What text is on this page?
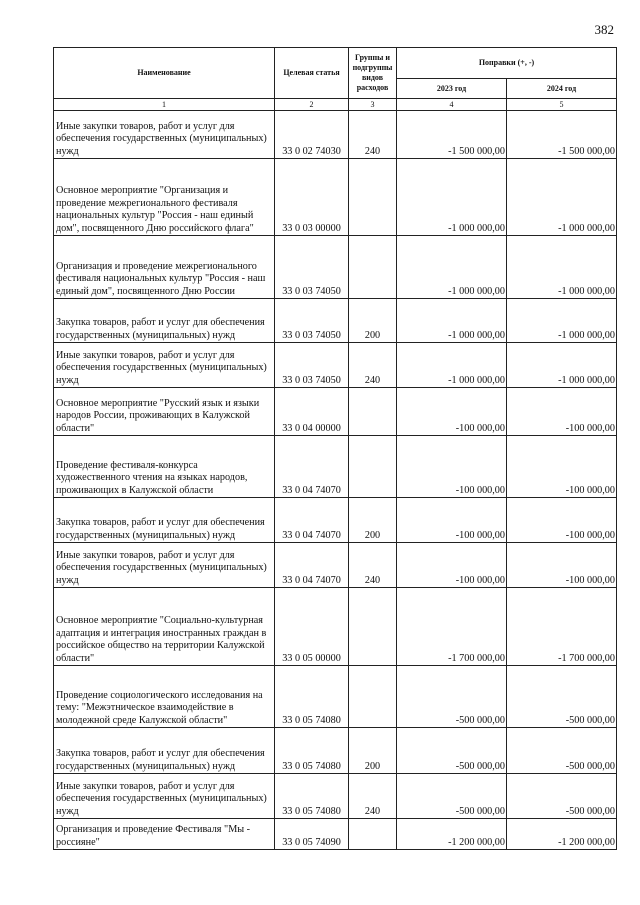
382
Наименование	Целевая статья	Группы и подгруппы видов расходов	Поправки (+, -)	
			2023 год	2024 год
1	2	3	4	5
Иные закупки товаров, работ и услуг для обеспечения государственных (муниципальных) нужд	33 0 02 74030	240	-1 500 000,00	-1 500 000,00
Основное мероприятие "Организация и проведение межрегионального фестиваля национальных культур "Россия - наш единый дом", посвященного Дню российского флага"	33 0 03 00000		-1 000 000,00	-1 000 000,00
Организация и проведение межрегионального фестиваля национальных культур "Россия - наш единый дом", посвященного Дню России	33 0 03 74050		-1 000 000,00	-1 000 000,00
Закупка товаров, работ и услуг для обеспечения государственных (муниципальных) нужд	33 0 03 74050	200	-1 000 000,00	-1 000 000,00
Иные закупки товаров, работ и услуг для обеспечения государственных (муниципальных) нужд	33 0 03 74050	240	-1 000 000,00	-1 000 000,00
Основное мероприятие "Русский язык и языки народов России, проживающих в Калужской области"	33 0 04 00000		-100 000,00	-100 000,00
Проведение фестиваля-конкурса художественного чтения на языках народов, проживающих в Калужской области	33 0 04 74070		-100 000,00	-100 000,00
Закупка товаров, работ и услуг для обеспечения государственных (муниципальных) нужд	33 0 04 74070	200	-100 000,00	-100 000,00
Иные закупки товаров, работ и услуг для обеспечения государственных (муниципальных) нужд	33 0 04 74070	240	-100 000,00	-100 000,00
Основное мероприятие "Социально-культурная адаптация и интеграция иностранных граждан в российское общество на территории Калужской области"	33 0 05 00000		-1 700 000,00	-1 700 000,00
Проведение социологического исследования на тему: "Межэтническое взаимодействие в молодежной среде Калужской области"	33 0 05 74080		-500 000,00	-500 000,00
Закупка товаров, работ и услуг для обеспечения государственных (муниципальных) нужд	33 0 05 74080	200	-500 000,00	-500 000,00
Иные закупки товаров, работ и услуг для обеспечения государственных (муниципальных) нужд	33 0 05 74080	240	-500 000,00	-500 000,00
Организация и проведение Фестиваля "Мы - россияне"	33 0 05 74090		-1 200 000,00	-1 200 000,00
